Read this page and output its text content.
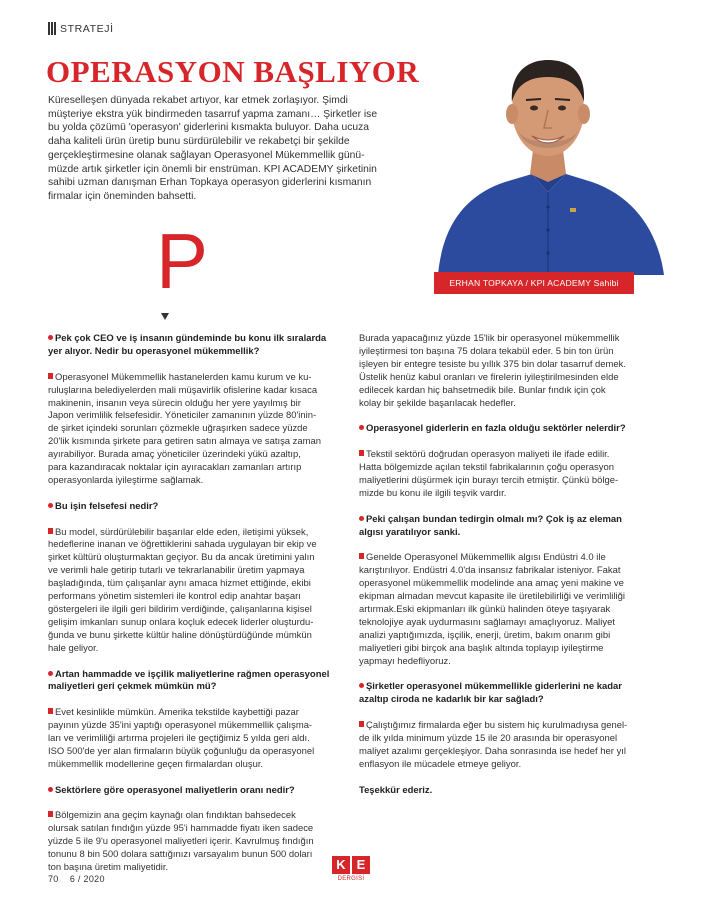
STRATEJİ
OPERASYON BAŞLIYOR

Küreselleşen dünyada rekabet artıyor, kar etmek zorlaşıyor. Şimdi
müşteriye ekstra yük bindirmeden tasarruf yapma zamanı… Şirketler ise
bu yolda çözümü 'operasyon' giderlerini kısmakta buluyor. Daha ucuza
daha kaliteli ürün üretip bunu sürdürülebilir ve rekabetçi bir şekilde
gerçekleştirmesine olanak sağlayan Operasyonel Mükemmellik günü-
müzde artık şirketler için önemli bir enstrüman. KPI ACADEMY şirketinin
sahibi uzman danışman Erhan Topkaya operasyon giderlerini kısmanın
firmalar için öneminden bahsetti.

ERHAN TOPKAYA / KPI ACADEMY Sahibi
P

Pek çok CEO ve iş insanın gündeminde bu konu ilk sıralarda
yer alıyor. Nedir bu operasyonel mükemmellik?

Operasyonel Mükemmellik hastanelerden kamu kurum ve ku-
ruluşlarına belediyelerden mali müşavirlik ofislerine kadar kısaca
makinenin, insanın veya sürecin olduğu her yere yayılmış bir
Japon verimlilik felsefesidir. Yöneticiler zamanının yüzde 80'inin-
de şirket içindeki sorunları çözmekle uğraşırken sadece yüzde
20'lik kısmında şirkete para getiren satın almaya ve satışa zaman
ayırabiliyor. Burada amaç yöneticiler üzerindeki yükü azaltıp,
para kazandıracak noktalar için ayıracakları zamanları artırıp
operasyonlarda iyileştirme sağlamak.

Bu işin felsefesi nedir?

Bu model, sürdürülebilir başarılar elde eden, iletişimi yüksek,
hedeflerine inanan ve öğrettiklerini sahada uygulayan bir ekip ve
şirket kültürü oluşturmaktan geçiyor. Bu da ancak üretimini yalın
ve verimli hale getirip tutarlı ve tekrarlanabilir üretim yapmaya
başladığında, tüm çalışanlar aynı amaca hizmet ettiğinde, ekibi
performans yönetim sistemleri ile kontrol edip anahtar başarı
göstergeleri ile ilgili geri bildirim verdiğinde, çalışanlarına kişisel
gelişim imkanları sunup onlara koçluk edecek liderler oluşturdu-
ğunda ve bunu şirkette kültür haline dönüştürdüğünde mümkün
hale geliyor.

Artan hammadde ve işçilik maliyetlerine rağmen operasyonel
maliyetleri geri çekmek mümkün mü?

Evet kesinlikle mümkün. Amerika tekstilde kaybettiği pazar
payının yüzde 35'ini yaptığı operasyonel mükemmellik çalışma-
ları ve verimliliği artırma projeleri ile geçtiğimiz 5 yılda geri aldı.
ISO 500'de yer alan firmaların büyük çoğunluğu da operasyonel
mükemmellik modellerine geçen firmalardan oluşur.

Sektörlere göre operasyonel maliyetlerin oranı nedir?

Bölgemizin ana geçim kaynağı olan fındıktan bahsedecek
olursak satılan fındığın yüzde 95'i hammadde fiyatı iken sadece
yüzde 5 ile 9'u operasyonel maliyetleri içerir. Kavrulmuş fındığın
tonunu 8 bin 500 dolara sattığınızı varsayalım bunun 500 doları
ton başına üretim maliyetidir.

Burada yapacağınız yüzde 15'lik bir operasyonel mükemmellik
iyileştirmesi ton başına 75 dolara tekabül eder. 5 bin ton ürün
işleyen bir entegre tesiste bu yıllık 375 bin dolar tasarruf demek.
Üstelik henüz kabul oranları ve firelerin iyileştirilmesinden elde
edilecek kardan hiç bahsetmedik bile. Bunlar fındık için çok
kolay bir şekilde başarılacak hedefler.

Operasyonel giderlerin en fazla olduğu sektörler nelerdir?

Tekstil sektörü doğrudan operasyon maliyeti ile ifade edilir.
Hatta bölgemizde açılan tekstil fabrikalarının çoğu operasyon
maliyetlerini düşürmek için burayı tercih etmiştir. Çünkü bölge-
mizde bu konu ile ilgili teşvik vardır.

Peki çalışan bundan tedirgin olmalı mı? Çok iş az eleman
algısı yaratılıyor sanki.

Genelde Operasyonel Mükemmellik algısı Endüstri 4.0 ile
karıştırılıyor. Endüstri 4.0'da insansız fabrikalar isteniyor. Fakat
operasyonel mükemmellik modelinde ana amaç yeni makine ve
ekipman almadan mevcut kapasite ile üretilebilirliği ve verimliliği
artırmak.Eski ekipmanları ilk günkü halinden öteye taşıyarak
teknolojiye ayak uydurmasını sağlamayı amaçlıyoruz. Maliyet
analizi yaptığımızda, işçilik, enerji, üretim, bakım onarım gibi
maliyetleri gibi birçok ana başlık altında toplayıp iyileştirme
yapmayı hedefliyoruz.

Şirketler operasyonel mükemmellikle giderlerini ne kadar
azaltıp ciroda ne kadarlık bir kar sağladı?

Çalıştığımız firmalarda eğer bu sistem hiç kurulmadıysa genel-
de ilk yılda minimum yüzde 15 ile 20 arasında bir operasyonel
maliyet azalımı gerçekleşiyor. Daha sonrasında ise hedef her yıl
enflasyon ile mücadele etmeye geliyor.

Teşekkür ederiz.

70 6 / 2020
K E
DERGİSİ
